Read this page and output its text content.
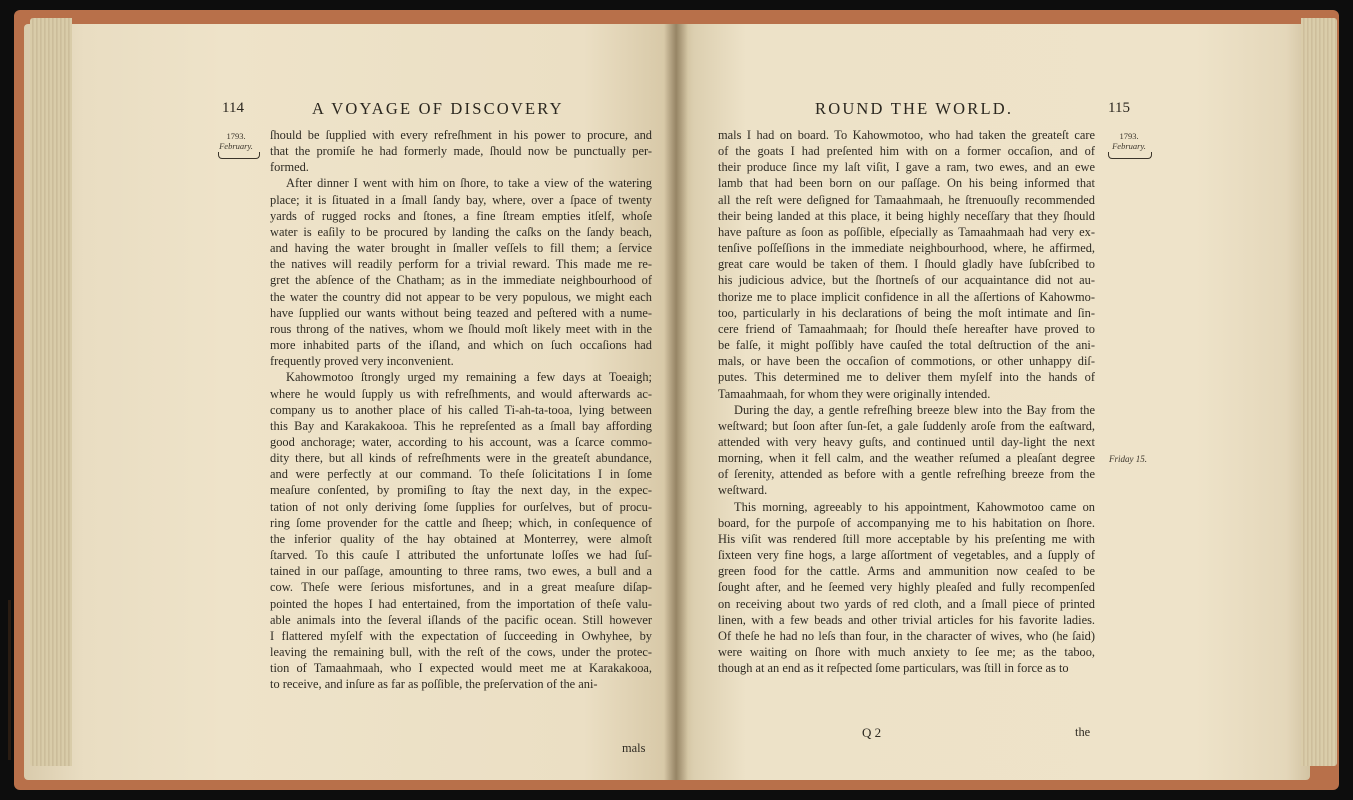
114	A VOYAGE OF DISCOVERY
1793.
February.

ſhould be ſupplied with every refreſhment in his power to procure, and
that the promiſe he had formerly made, ſhould now be punctually per-
formed.

After dinner I went with him on ſhore, to take a view of the watering
place; it is ſituated in a ſmall ſandy bay, where, over a ſpace of twenty
yards of rugged rocks and ſtones, a fine ſtream empties itſelf, whoſe
water is eaſily to be procured by landing the caſks on the ſandy beach,
and having the water brought in ſmaller veſſels to fill them; a ſervice
the natives will readily perform for a trivial reward. This made me re-
gret the abſence of the Chatham; as in the immediate neighbourhood of
the water the country did not appear to be very populous, we might each
have ſupplied our wants without being teazed and peſtered with a nume-
rous throng of the natives, whom we ſhould moſt likely meet with in the
more inhabited parts of the iſland, and which on ſuch occaſions had
frequently proved very inconvenient.

Kahowmotoo ſtrongly urged my remaining a few days at Toeaigh;
where he would ſupply us with refreſhments, and would afterwards ac-
company us to another place of his called Ti-ah-ta-tooa, lying between
this Bay and Karakakooa. This he repreſented as a ſmall bay affording
good anchorage; water, according to his account, was a ſcarce commo-
dity there, but all kinds of refreſhments were in the greateſt abundance,
and were perfectly at our command. To theſe ſolicitations I in ſome
meaſure conſented, by promiſing to ſtay the next day, in the expec-
tation of not only deriving ſome ſupplies for ourſelves, but of procu-
ring ſome provender for the cattle and ſheep; which, in conſequence of
the inferior quality of the hay obtained at Monterrey, were almoſt
ſtarved. To this cauſe I attributed the unfortunate loſſes we had ſuſ-
tained in our paſſage, amounting to three rams, two ewes, a bull and a
cow. Theſe were ſerious misfortunes, and in a great meaſure diſap-
pointed the hopes I had entertained, from the importation of theſe valu-
able animals into the ſeveral iſlands of the pacific ocean. Still however
I flattered myſelf with the expectation of ſucceeding in Owhyhee, by
leaving the remaining bull, with the reſt of the cows, under the protec-
tion of Tamaahmaah, who I expected would meet me at Karakakooa,
to receive, and inſure as far as poſſible, the preſervation of the ani-

mals
ROUND THE WORLD.	115
1793.
February.
Friday 15.

mals I had on board. To Kahowmotoo, who had taken the greateſt care
of the goats I had preſented him with on a former occaſion, and of
their produce ſince my laſt viſit, I gave a ram, two ewes, and an ewe
lamb that had been born on our paſſage. On his being informed that
all the reſt were deſigned for Tamaahmaah, he ſtrenuouſly recommended
their being landed at this place, it being highly neceſſary that they ſhould
have paſture as ſoon as poſſible, eſpecially as Tamaahmaah had very ex-
tenſive poſſeſſions in the immediate neighbourhood, where, he affirmed,
great care would be taken of them. I ſhould gladly have ſubſcribed to
his judicious advice, but the ſhortneſs of our acquaintance did not au-
thorize me to place implicit confidence in all the aſſertions of Kahowmo-
too, particularly in his declarations of being the moſt intimate and ſin-
cere friend of Tamaahmaah; for ſhould theſe hereafter have proved to
be falſe, it might poſſibly have cauſed the total deſtruction of the ani-
mals, or have been the occaſion of commotions, or other unhappy diſ-
putes. This determined me to deliver them myſelf into the hands of
Tamaahmaah, for whom they were originally intended.

During the day, a gentle refreſhing breeze blew into the Bay from the
weſtward; but ſoon after ſun-ſet, a gale ſuddenly aroſe from the eaſtward,
attended with very heavy guſts, and continued until day-light the next
morning, when it fell calm, and the weather reſumed a pleaſant degree
of ſerenity, attended as before with a gentle refreſhing breeze from the
weſtward.

This morning, agreeably to his appointment, Kahowmotoo came on
board, for the purpoſe of accompanying me to his habitation on ſhore.
His viſit was rendered ſtill more acceptable by his preſenting me with
ſixteen very fine hogs, a large aſſortment of vegetables, and a ſupply of
green food for the cattle. Arms and ammunition now ceaſed to be
ſought after, and he ſeemed very highly pleaſed and fully recompenſed
on receiving about two yards of red cloth, and a ſmall piece of printed
linen, with a few beads and other trivial articles for his favorite ladies.
Of theſe he had no leſs than four, in the character of wives, who (he ſaid)
were waiting on ſhore with much anxiety to ſee me; as the taboo,
though at an end as it reſpected ſome particulars, was ſtill in force as to

Q 2	the
